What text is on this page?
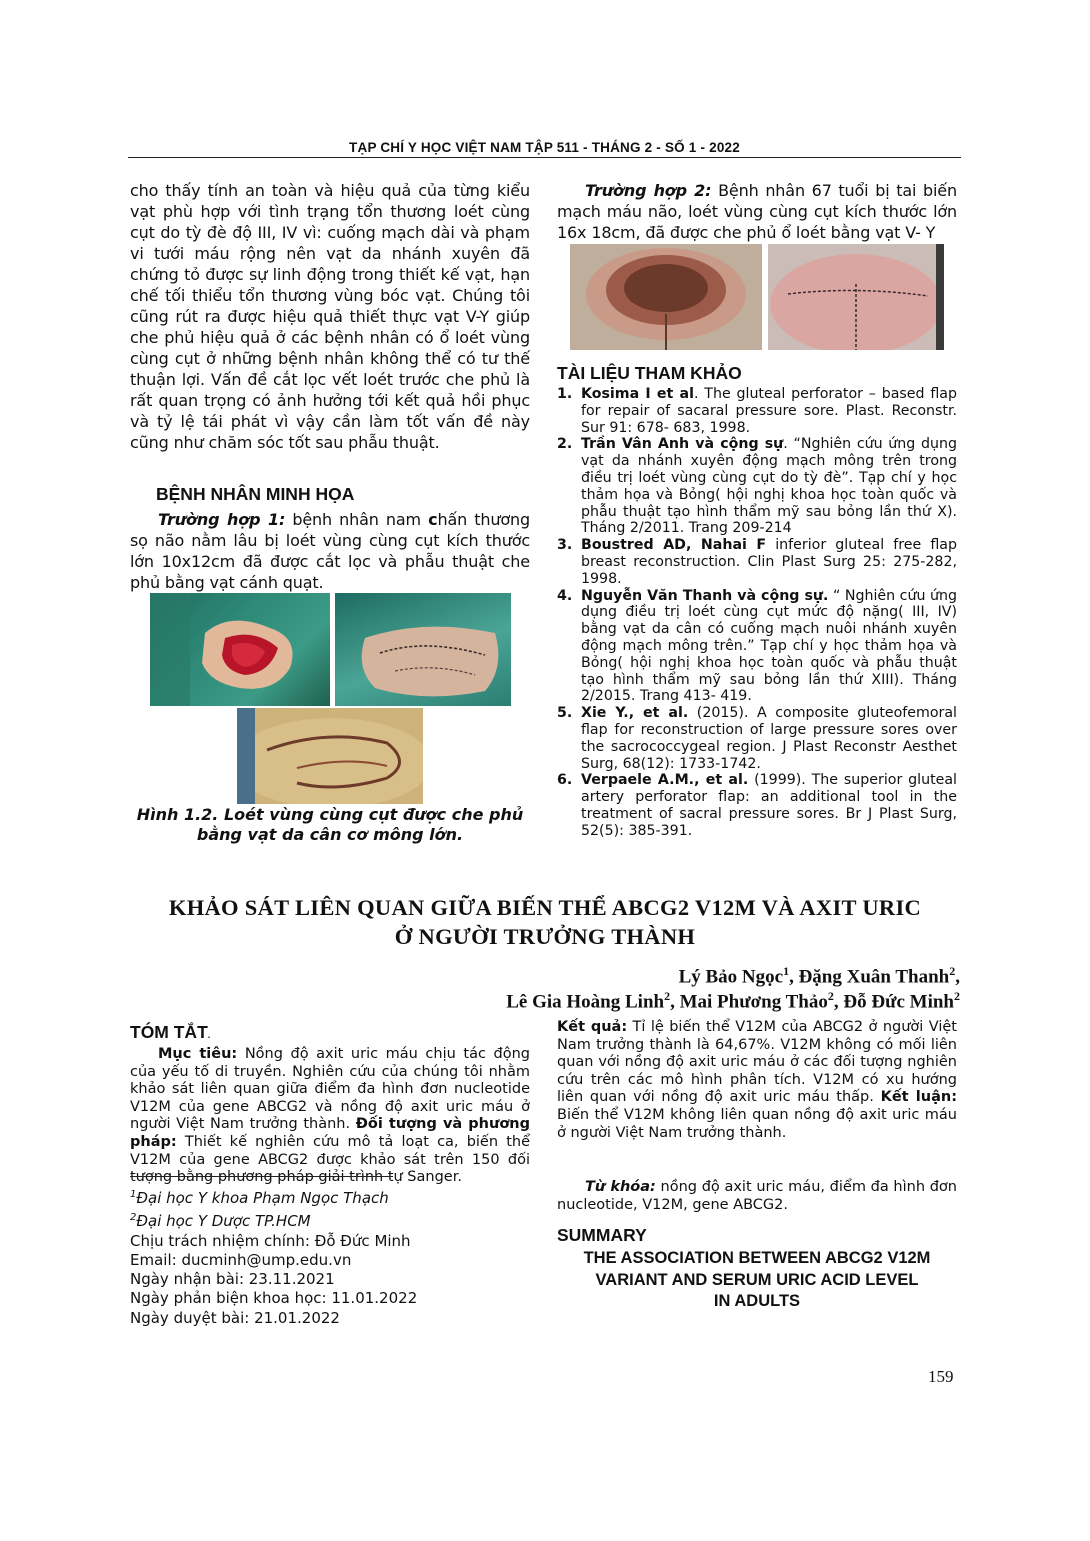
TẠP CHÍ Y HỌC VIỆT NAM TẬP 511 - THÁNG 2 - SỐ 1 - 2022

cho thấy tính an toàn và hiệu quả của từng kiểu vạt phù hợp với tình trạng tổn thương loét cùng cụt do tỳ đè độ III, IV vì: cuống mạch dài và phạm vi tưới máu rộng nên vạt da nhánh xuyên đã chứng tỏ được sự linh động trong thiết kế vạt, hạn chế tối thiểu tổn thương vùng bóc vạt. Chúng tôi cũng rút ra được hiệu quả thiết thực vạt V-Y giúp che phủ hiệu quả ở các bệnh nhân có ổ loét vùng cùng cụt ở những bệnh nhân không thể có tư thế thuận lợi. Vấn đề cắt lọc vết loét trước che phủ là rất quan trọng có ảnh hưởng tới kết quả hồi phục và tỷ lệ tái phát vì vậy cần làm tốt vấn đề này cũng như chăm sóc tốt sau phẫu thuật.

BỆNH NHÂN MINH HỌA

Trường hợp 1: bệnh nhân nam chấn thương sọ não nằm lâu bị loét vùng cùng cụt kích thước lớn 10x12cm đã được cắt lọc và phẫu thuật che phủ bằng vạt cánh quạt.

Hình 1.2. Loét vùng cùng cụt được che phủ bằng vạt da cân cơ mông lớn.

Trường hợp 2: Bệnh nhân 67 tuổi bị tai biến mạch máu não, loét vùng cùng cụt kích thước lớn 16x 18cm, đã được che phủ ổ loét bằng vạt V- Y

TÀI LIỆU THAM KHẢO
1. Kosima I et al. The gluteal perforator – based flap for repair of sacaral pressure sore. Plast. Reconstr. Sur 91: 678- 683, 1998.
2. Trần Vân Anh và cộng sự. “Nghiên cứu ứng dụng vạt da nhánh xuyên động mạch mông trên trong điều trị loét vùng cùng cụt do tỳ đè”. Tạp chí y học thảm họa và Bỏng( hội nghị khoa học toàn quốc và phẫu thuật tạo hình thẩm mỹ sau bỏng lần thứ X). Tháng 2/2011. Trang 209-214
3. Boustred AD, Nahai F inferior gluteal free flap breast reconstruction. Clin Plast Surg 25: 275-282, 1998.
4. Nguyễn Văn Thanh và cộng sự. “ Nghiên cứu ứng dụng điều trị loét cùng cụt mức độ nặng( III, IV) bằng vạt da cân có cuống mạch nuôi nhánh xuyên động mạch mông trên.” Tạp chí y học thảm họa và Bỏng( hội nghị khoa học toàn quốc và phẫu thuật tạo hình thẩm mỹ sau bỏng lần thứ XIII). Tháng 2/2015. Trang 413- 419.
5. Xie Y., et al. (2015). A composite gluteofemoral flap for reconstruction of large pressure sores over the sacrococcygeal region. J Plast Reconstr Aesthet Surg, 68(12): 1733-1742.
6. Verpaele A.M., et al. (1999). The superior gluteal artery perforator flap: an additional tool in the treatment of sacral pressure sores. Br J Plast Surg, 52(5): 385-391.
KHẢO SÁT LIÊN QUAN GIỮA BIẾN THỂ ABCG2 V12M VÀ AXIT URIC
Ở NGƯỜI TRƯỞNG THÀNH
Lý Bảo Ngọc$^1$, Đặng Xuân Thanh$^2$,
Lê Gia Hoàng Linh$^2$, Mai Phương Thảo$^2$, Đỗ Đức Minh$^2$
TÓM TẮT.

Mục tiêu: Nồng độ axit uric máu chịu tác động của yếu tố di truyền. Nghiên cứu của chúng tôi nhằm khảo sát liên quan giữa điểm đa hình đơn nucleotide V12M của gene ABCG2 và nồng độ axit uric máu ở người Việt Nam trưởng thành. Đối tượng và phương pháp: Thiết kế nghiên cứu mô tả loạt ca, biến thể V12M của gene ABCG2 được khảo sát trên 150 đối tượng bằng phương pháp giải trình tự Sanger.

Kết quả: Tỉ lệ biến thể V12M của ABCG2 ở người Việt Nam trưởng thành là 64,67%. V12M không có mối liên quan với nồng độ axit uric máu ở các đối tượng nghiên cứu trên các mô hình phân tích. V12M có xu hướng liên quan với nồng độ axit uric máu thấp. Kết luận: Biến thể V12M không liên quan nồng độ axit uric máu ở người Việt Nam trưởng thành.

Từ khóa: nồng độ axit uric máu, điểm đa hình đơn nucleotide, V12M, gene ABCG2.

SUMMARY
THE ASSOCIATION BETWEEN ABCG2 V12M
VARIANT AND SERUM URIC ACID LEVEL
IN ADULTS

$^1$Đại học Y khoa Phạm Ngọc Thạch

$^2$Đại học Y Dược TP.HCM

Chịu trách nhiệm chính: Đỗ Đức Minh

Email: ducminh@ump.edu.vn

Ngày nhận bài: 23.11.2021

Ngày phản biện khoa học: 11.01.2022

Ngày duyệt bài: 21.01.2022

159
